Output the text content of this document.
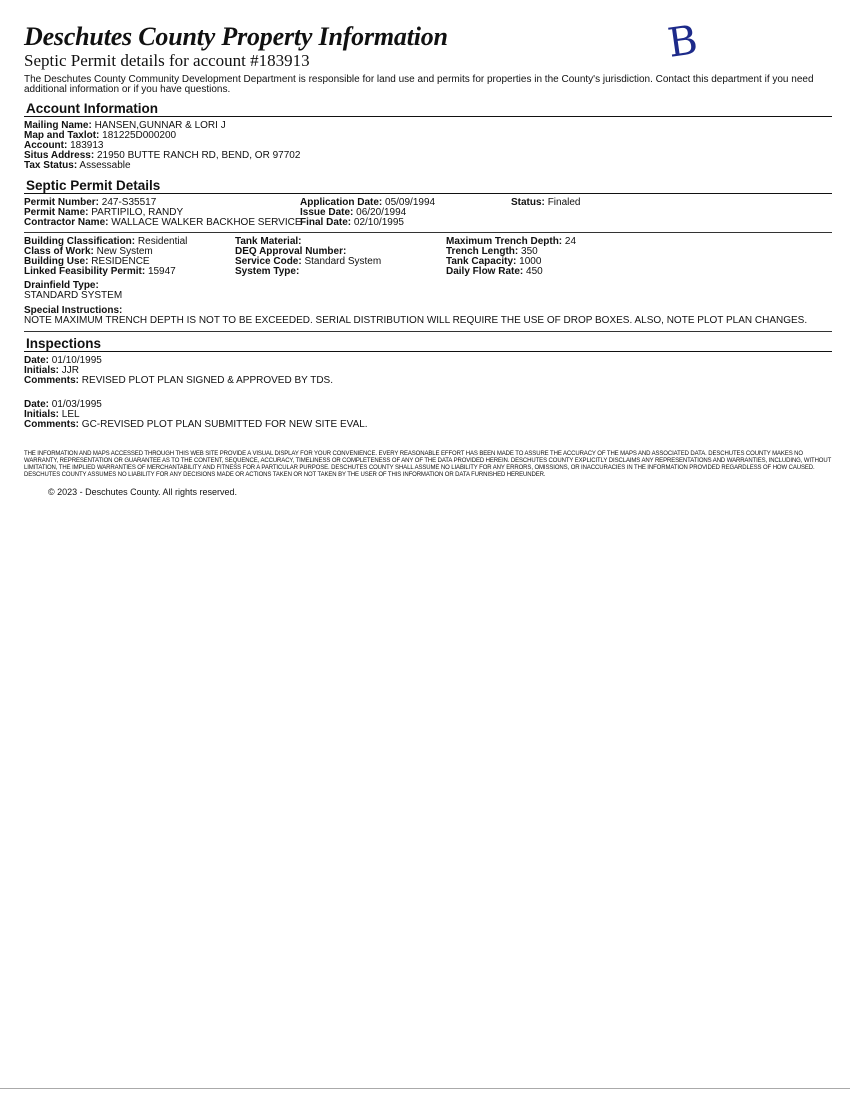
B
Deschutes County Property Information
Septic Permit details for account #183913
The Deschutes County Community Development Department is responsible for land use and permits for properties in the County's jurisdiction. Contact this department if you need additional information or if you have questions.
Account Information
Mailing Name: HANSEN,GUNNAR & LORI J
Map and Taxlot: 181225D000200
Account: 183913
Situs Address: 21950 BUTTE RANCH RD, BEND, OR 97702
Tax Status: Assessable
Septic Permit Details
Permit Number: 247-S35517
Permit Name: PARTIPILO, RANDY
Contractor Name: WALLACE WALKER BACKHOE SERVICE
Application Date: 05/09/1994
Issue Date: 06/20/1994
Final Date: 02/10/1995
Status: Finaled
Building Classification: Residential
Class of Work: New System
Building Use: RESIDENCE
Linked Feasibility Permit: 15947
Tank Material:
DEQ Approval Number:
Service Code: Standard System
System Type:
Maximum Trench Depth: 24
Trench Length: 350
Tank Capacity: 1000
Daily Flow Rate: 450
Drainfield Type:
STANDARD SYSTEM
Special Instructions:
NOTE MAXIMUM TRENCH DEPTH IS NOT TO BE EXCEEDED. SERIAL DISTRIBUTION WILL REQUIRE THE USE OF DROP BOXES. ALSO, NOTE PLOT PLAN CHANGES.
Inspections
Date: 01/10/1995
Initials: JJR
Comments: REVISED PLOT PLAN SIGNED & APPROVED BY TDS.
Date: 01/03/1995
Initials: LEL
Comments: GC-REVISED PLOT PLAN SUBMITTED FOR NEW SITE EVAL.
THE INFORMATION AND MAPS ACCESSED THROUGH THIS WEB SITE PROVIDE A VISUAL DISPLAY FOR YOUR CONVENIENCE. EVERY REASONABLE EFFORT HAS BEEN MADE TO ASSURE THE ACCURACY OF THE MAPS AND ASSOCIATED DATA. DESCHUTES COUNTY MAKES NO WARRANTY, REPRESENTATION OR GUARANTEE AS TO THE CONTENT, SEQUENCE, ACCURACY, TIMELINESS OR COMPLETENESS OF ANY OF THE DATA PROVIDED HEREIN. DESCHUTES COUNTY EXPLICITLY DISCLAIMS ANY REPRESENTATIONS AND WARRANTIES, INCLUDING, WITHOUT LIMITATION, THE IMPLIED WARRANTIES OF MERCHANTABILITY AND FITNESS FOR A PARTICULAR PURPOSE. DESCHUTES COUNTY SHALL ASSUME NO LIABILITY FOR ANY ERRORS, OMISSIONS, OR INACCURACIES IN THE INFORMATION PROVIDED REGARDLESS OF HOW CAUSED. DESCHUTES COUNTY ASSUMES NO LIABILITY FOR ANY DECISIONS MADE OR ACTIONS TAKEN OR NOT TAKEN BY THE USER OF THIS INFORMATION OR DATA FURNISHED HEREUNDER.
© 2023 - Deschutes County. All rights reserved.
